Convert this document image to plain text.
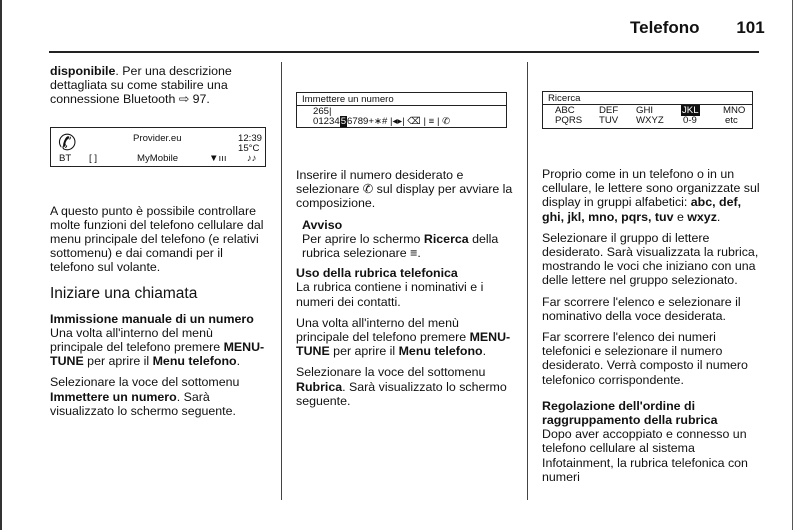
Telefono 101

disponibile. Per una descrizione dettagliata su come stabilire una connessione Bluetooth ⇨ 97.

✆	Provider.eu	12:39
15°C
BT [ ]	MyMobile	▼ııı ♪♪

A questo punto è possibile controllare molte funzioni del telefono cellulare dal menu principale del telefono (e relativi sottomenu) e dai comandi per il telefono sul volante.

Iniziare una chiamata
Immissione manuale di un numero

Una volta all'interno del menù principale del telefono premere MENU-TUNE per aprire il Menu telefono.

Selezionare la voce del sottomenu Immettere un numero. Sarà visualizzato lo schermo seguente.

Immettere un numero
265|
0123456789+∗# |◂▸| ⌫ | ≡ | ✆

Inserire il numero desiderato e selezionare ✆ sul display per avviare la composizione.

Avviso

Per aprire lo schermo Ricerca della rubrica selezionare ≡.

Uso della rubrica telefonica

La rubrica contiene i nominativi e i numeri dei contatti.

Una volta all'interno del menù principale del telefono premere MENU-TUNE per aprire il Menu telefono.

Selezionare la voce del sottomenu Rubrica. Sarà visualizzato lo schermo seguente.

Ricerca
ABC	DEF GHI	JKL	MNO
PQRS TUV WXYZ 0-9	etc

Proprio come in un telefono o in un cellulare, le lettere sono organizzate sul display in gruppi alfabetici: abc, def, ghi, jkl, mno, pqrs, tuv e wxyz.

Selezionare il gruppo di lettere desiderato. Sarà visualizzata la rubrica, mostrando le voci che iniziano con una delle lettere nel gruppo selezionato.

Far scorrere l'elenco e selezionare il nominativo della voce desiderata.

Far scorrere l'elenco dei numeri telefonici e selezionare il numero desiderato. Verrà composto il numero telefonico corrispondente.

Regolazione dell'ordine di raggruppamento della rubrica

Dopo aver accoppiato e connesso un telefono cellulare al sistema Infotainment, la rubrica telefonica con numeri
